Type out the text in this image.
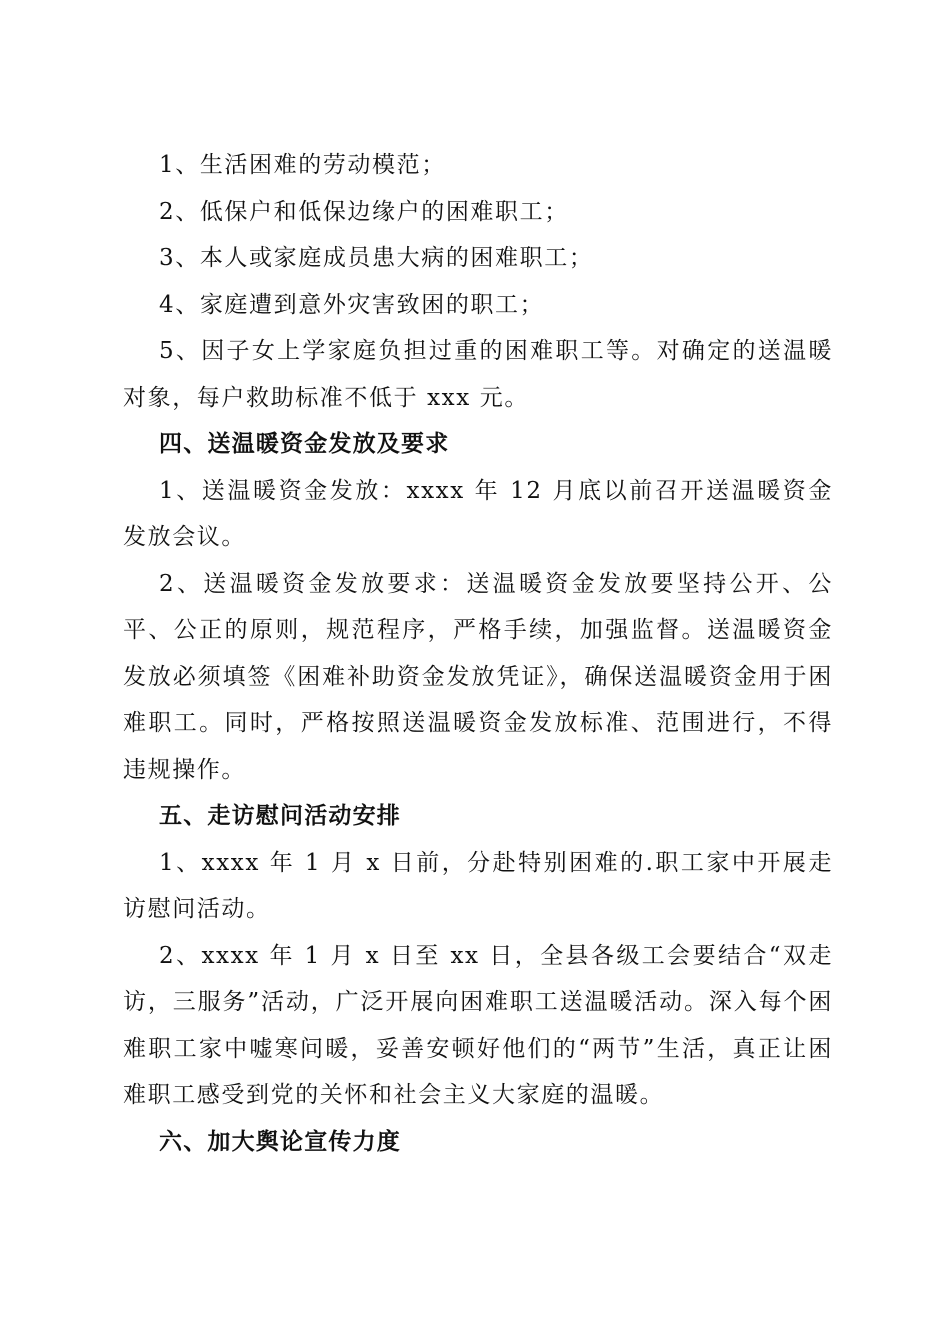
1、生活困难的劳动模范；

2、低保户和低保边缘户的困难职工；

3、本人或家庭成员患大病的困难职工；

4、家庭遭到意外灾害致困的职工；

5、因子女上学家庭负担过重的困难职工等。对确定的送温暖对象，每户救助标准不低于 xxx 元。

四、送温暖资金发放及要求

1、送温暖资金发放：xxxx 年 12 月底以前召开送温暖资金发放会议。

2、送温暖资金发放要求：送温暖资金发放要坚持公开、公平、公正的原则，规范程序，严格手续，加强监督。送温暖资金发放必须填签《困难补助资金发放凭证》，确保送温暖资金用于困难职工。同时，严格按照送温暖资金发放标准、范围进行，不得违规操作。

五、走访慰问活动安排

1、xxxx 年 1 月 x 日前，分赴特别困难的.职工家中开展走访慰问活动。

2、xxxx 年 1 月 x 日至 xx 日，全县各级工会要结合“双走访，三服务”活动，广泛开展向困难职工送温暖活动。深入每个困难职工家中嘘寒问暖，妥善安顿好他们的“两节”生活，真正让困难职工感受到党的关怀和社会主义大家庭的温暖。

六、加大舆论宣传力度
